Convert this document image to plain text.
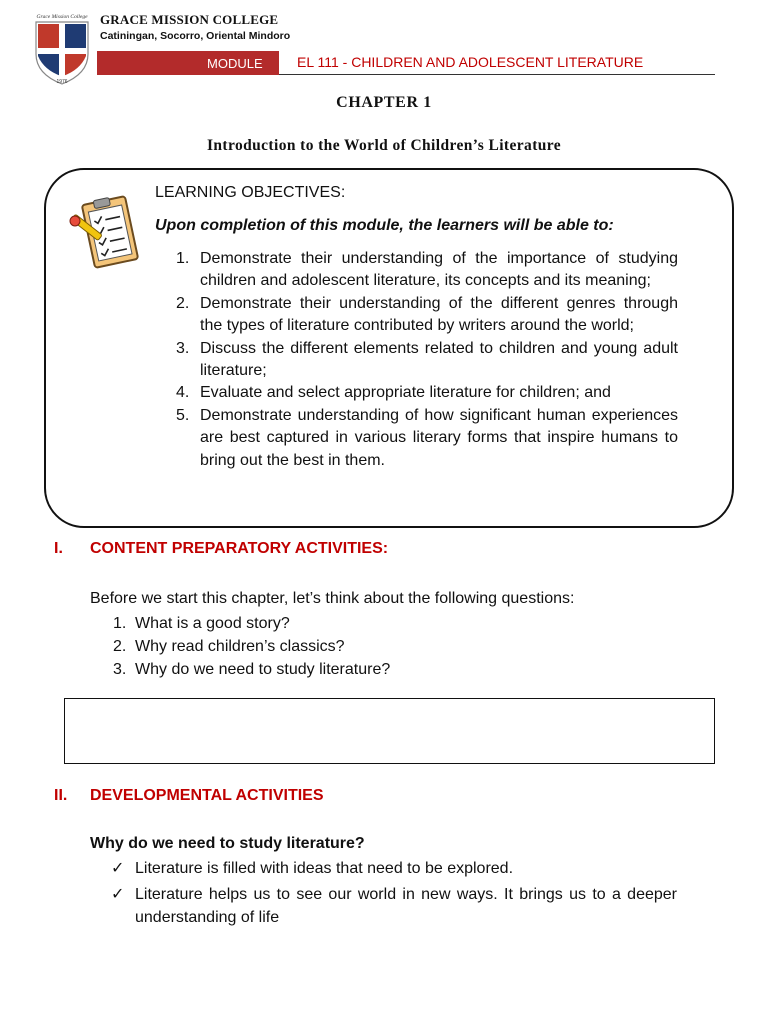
Grace Mission College
1976
GRACE MISSION COLLEGE
Catiningan, Socorro, Oriental Mindoro
MODULE	EL 111 - CHILDREN AND ADOLESCENT LITERATURE
CHAPTER 1
Introduction to the World of Children’s Literature
LEARNING OBJECTIVES:
Upon completion of this module, the learners will be able to:
1. Demonstrate their understanding of the importance of studying children and adolescent literature, its concepts and its meaning;
2. Demonstrate their understanding of the different genres through the types of literature contributed by writers around the world;
3. Discuss the different elements related to children and young adult literature;
4. Evaluate and select appropriate literature for children; and
5. Demonstrate understanding of how significant human experiences are best captured in various literary forms that inspire humans to bring out the best in them.
I. CONTENT PREPARATORY ACTIVITIES:
Before we start this chapter, let’s think about the following questions:
1. What is a good story?
2. Why read children’s classics?
3. Why do we need to study literature?
II. DEVELOPMENTAL ACTIVITIES
Why do we need to study literature?
✓ Literature is filled with ideas that need to be explored.
✓ Literature helps us to see our world in new ways. It brings us to a deeper understanding of life
